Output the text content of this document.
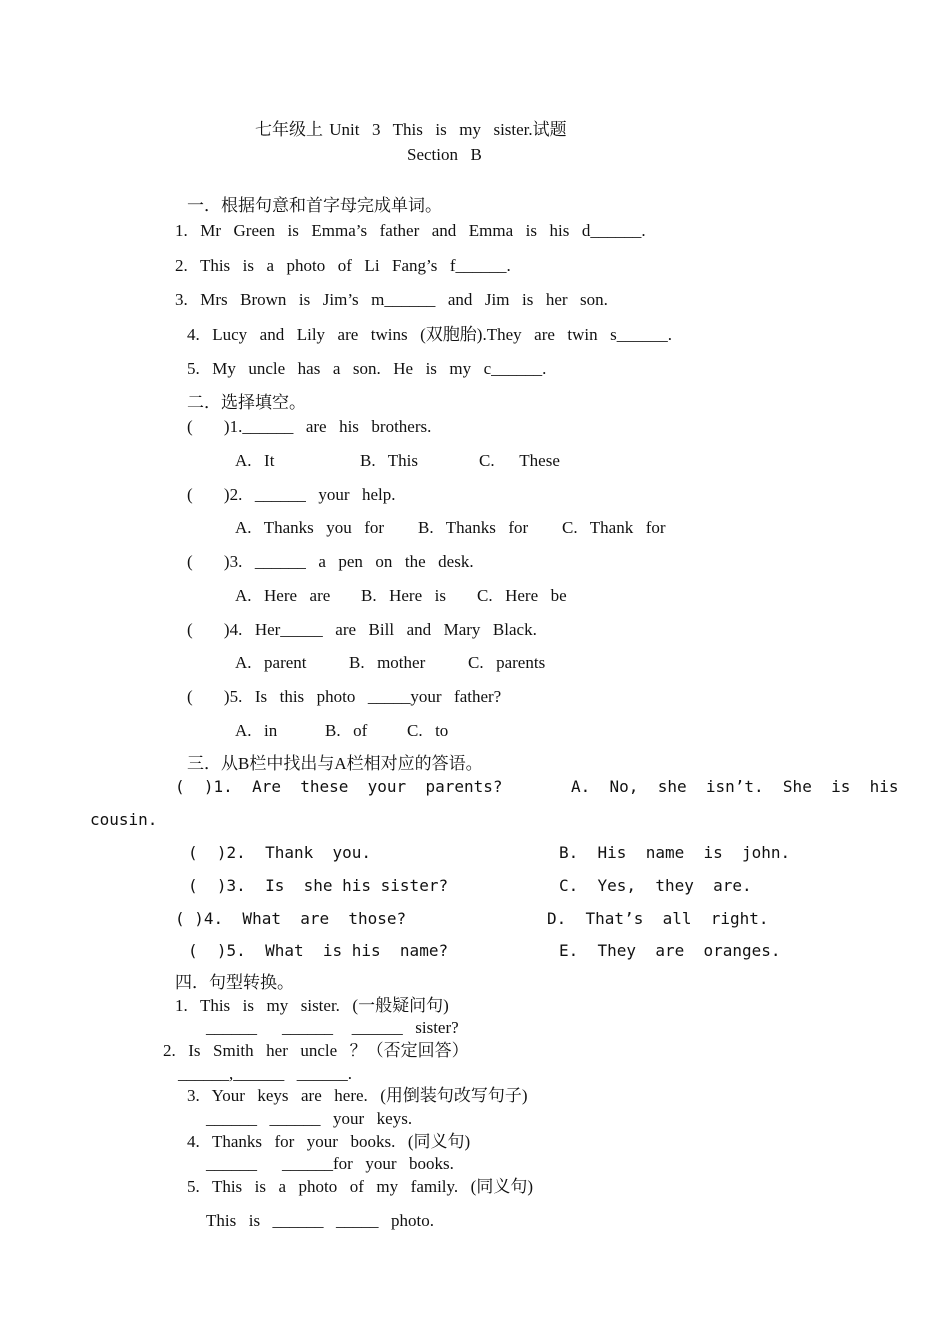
七年级上 Unit  3  This  is  my  sister.试题
Section  B
一．根据句意和首字母完成单词。
1.  Mr  Green  is  Emma’s  father  and  Emma  is  his  d______.
2.  This  is  a  photo  of  Li  Fang’s  f______.
3.  Mrs  Brown  is  Jim’s  m______  and  Jim  is  her  son.
4.  Lucy  and  Lily  are  twins  (双胞胎).They  are  twin  s______.
5.  My  uncle  has  a  son.  He  is  my  c______.
二．选择填空。
(     )1.______  are  his  brothers.
A.  It	B.  This	C.    These
(     )2.  ______  your  help.
A.  Thanks  you  for B.  Thanks  for C.  Thank  for
(     )3.  ______  a  pen  on  the  desk.
A.  Here  are B.  Here  is C.  Here  be
(     )4.  Her_____  are  Bill  and  Mary  Black.
A.  parent B.  mother	C.  parents
(     )5.  Is  this  photo  _____your  father?
A.  in	B.  of C.  to
三．从B栏中找出与A栏相对应的答语。
(  )1.  Are  these  your  parents?	A.  No,  she  isn’t.  She  is  his
cousin.
(  )2.  Thank  you.	B.  His  name  is  john.
(  )3.  Is  she his sister?	C.  Yes,  they  are.
( )4.  What  are  those?	D.  That’s  all  right.
(  )5.  What  is his  name?	E.  They  are  oranges.
四．句型转换。
1.  This  is  my  sister.  (一般疑问句)
______    ______   ______  sister?
2.  Is  Smith  her  uncle  ？（否定回答）
______,______  ______.
3.  Your  keys  are  here.  (用倒装句改写句子)
______  ______  your  keys.
4.  Thanks  for  your  books.  (同义句)
______    ______for  your  books.
5.  This  is  a  photo  of  my  family.  (同义句)
This  is  ______  _____  photo.
